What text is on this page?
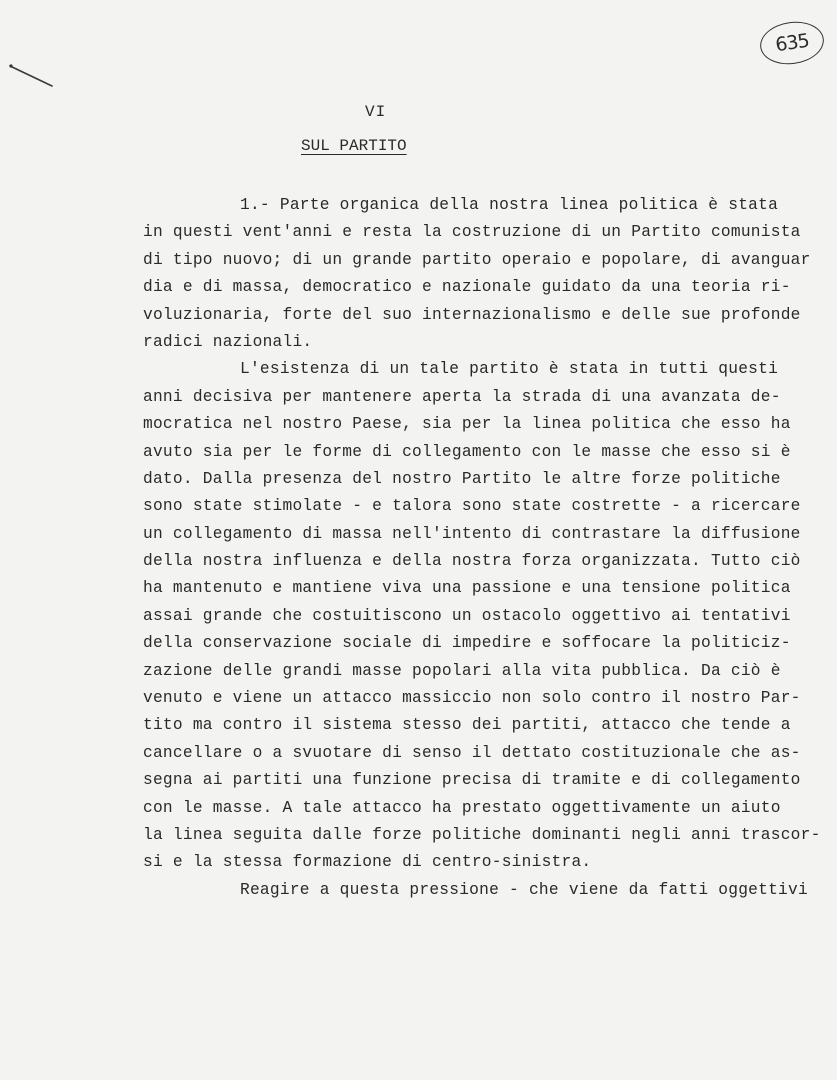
635
VI
SUL PARTITO
1.- Parte organica della nostra linea politica è stata
in questi vent'anni e resta la costruzione di un Partito comunista
di tipo nuovo; di un grande partito operaio e popolare, di avanguar
dia e di massa, democratico e nazionale guidato da una teoria ri-
voluzionaria, forte del suo internazionalismo e delle sue profonde
radici nazionali.
L'esistenza di un tale partito è stata in tutti questi
anni decisiva per mantenere aperta la strada di una avanzata de-
mocratica nel nostro Paese, sia per la linea politica che esso ha
avuto sia per le forme di collegamento con le masse che esso si è
dato. Dalla presenza del nostro Partito le altre forze politiche
sono state stimolate - e talora sono state costrette - a ricercare
un collegamento di massa nell'intento di contrastare la diffusione
della nostra influenza e della nostra forza organizzata. Tutto ciò
ha mantenuto e mantiene viva una passione e una tensione politica
assai grande che costuitiscono un ostacolo oggettivo ai tentativi
della conservazione sociale di impedire e soffocare la politiciz-
zazione delle grandi masse popolari alla vita pubblica. Da ciò è
venuto e viene un attacco massiccio non solo contro il nostro Par-
tito ma contro il sistema stesso dei partiti, attacco che tende a
cancellare o a svuotare di senso il dettato costituzionale che as-
segna ai partiti una funzione precisa di tramite e di collegamento
con le masse. A tale attacco ha prestato oggettivamente un aiuto
la linea seguita dalle forze politiche dominanti negli anni trascor-
si e la stessa formazione di centro-sinistra.
Reagire a questa pressione - che viene da fatti oggettivi
